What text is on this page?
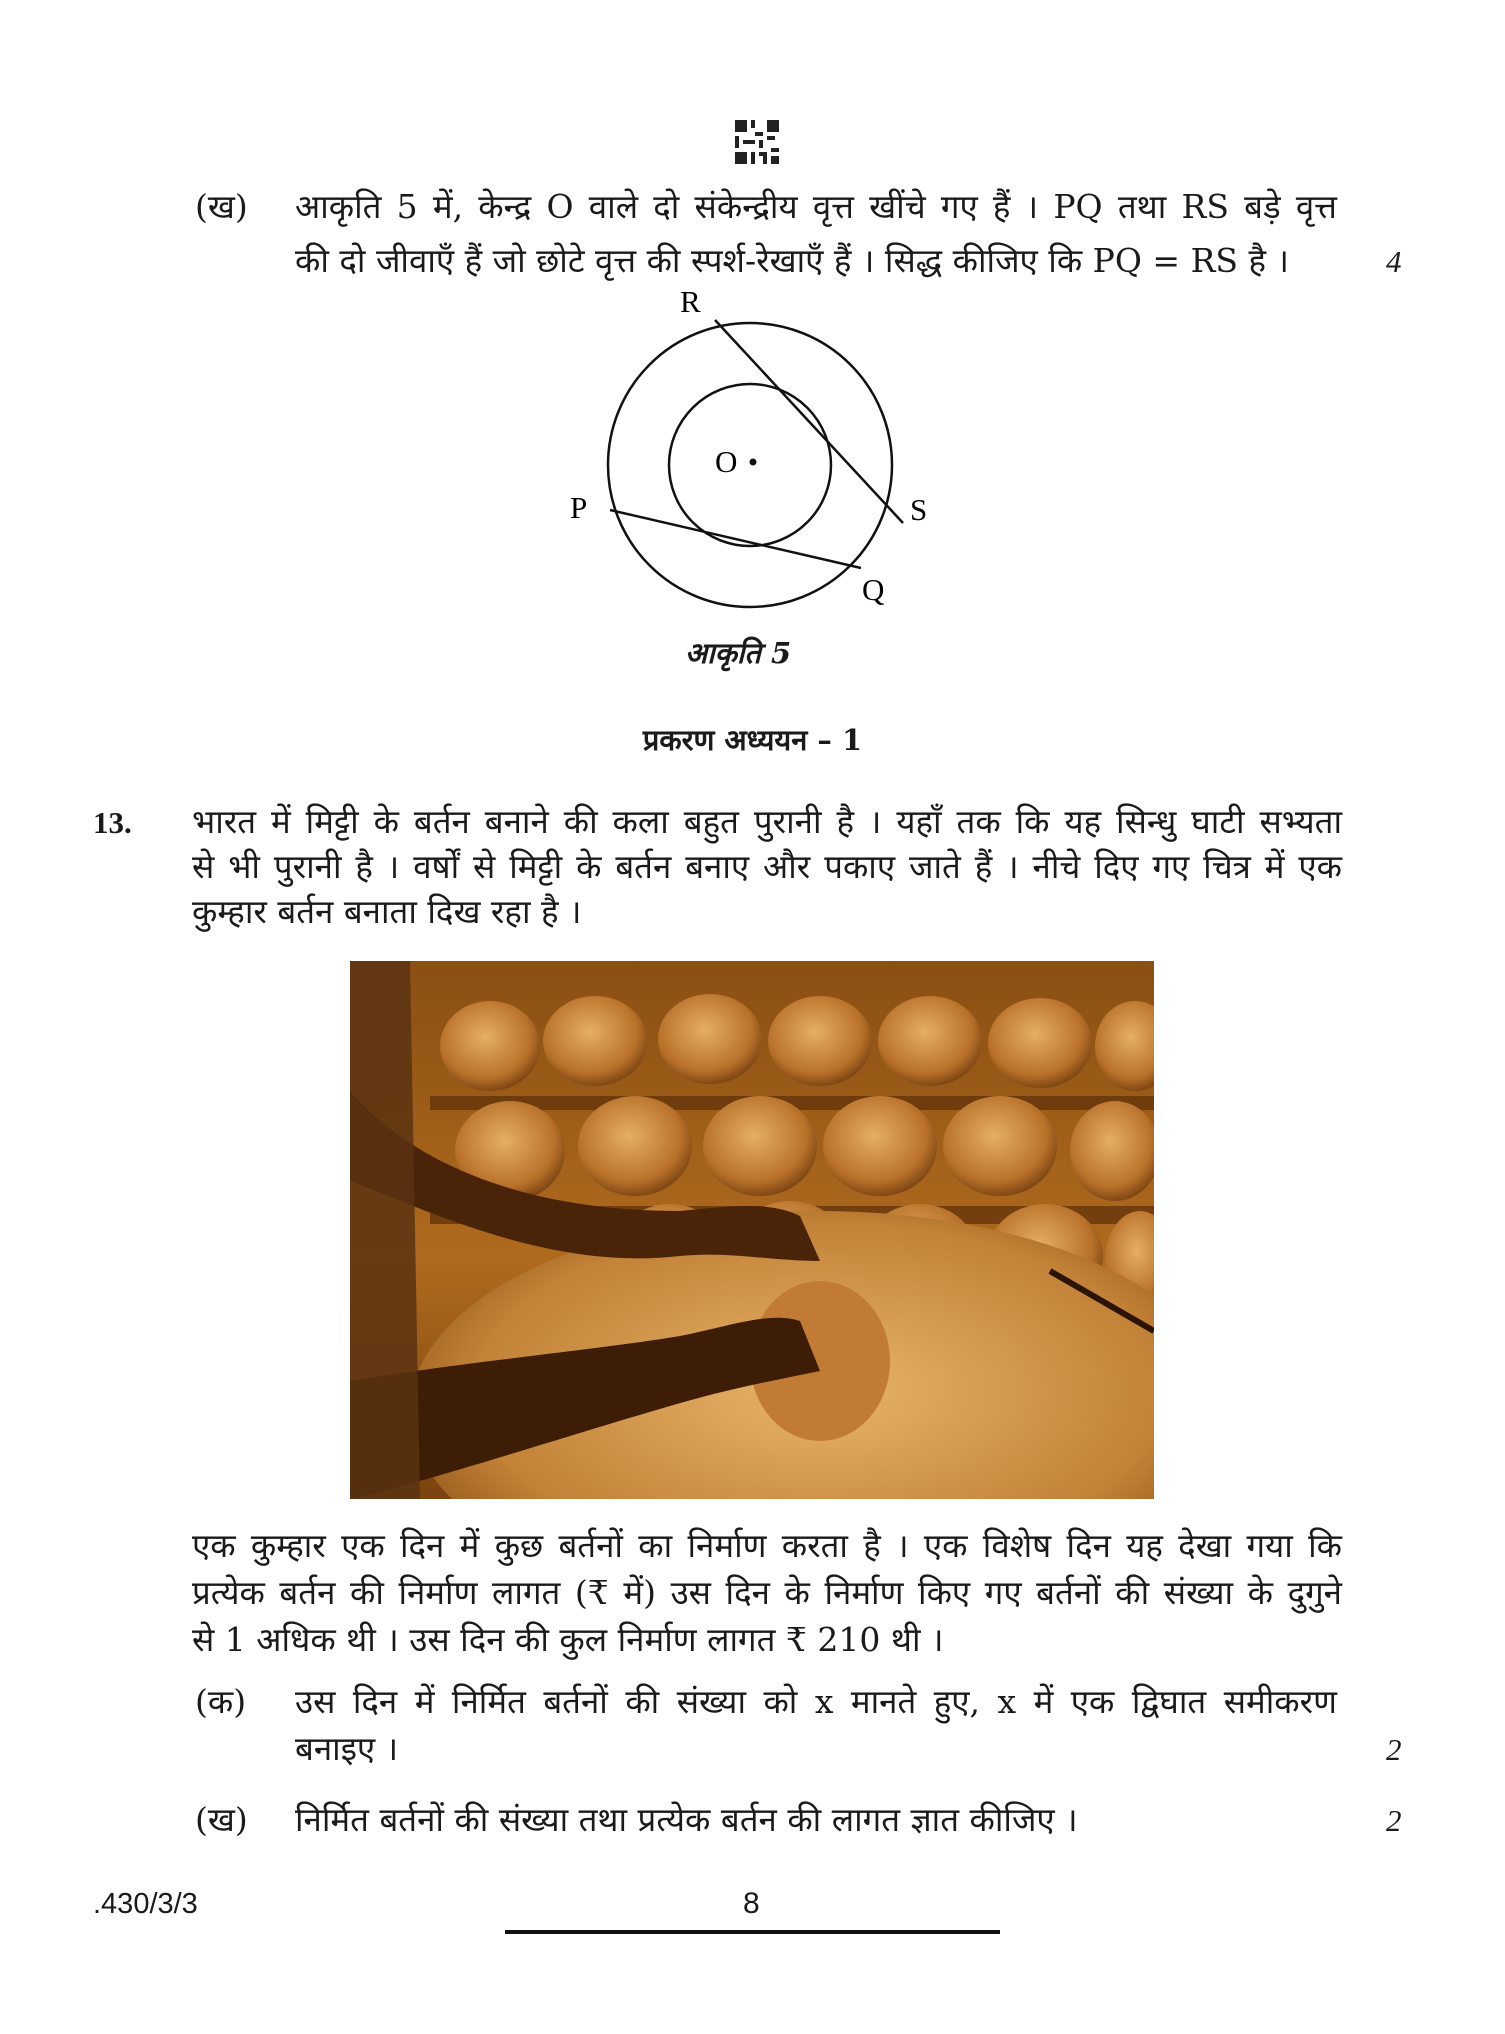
(ख) आकृति 5 में, केन्द्र O वाले दो संकेन्द्रीय वृत्त खींचे गए हैं । PQ तथा RS बड़े वृत्त
की दो जीवाएँ हैं जो छोटे वृत्त की स्पर्श-रेखाएँ हैं । सिद्ध कीजिए कि PQ = RS है ।	4
R
O
P	S
Q
आकृति 5
प्रकरण अध्ययन – 1
13. भारत में मिट्टी के बर्तन बनाने की कला बहुत पुरानी है । यहाँ तक कि यह सिन्धु घाटी सभ्यता
से भी पुरानी है । वर्षों से मिट्टी के बर्तन बनाए और पकाए जाते हैं । नीचे दिए गए चित्र में एक
कुम्हार बर्तन बनाता दिख रहा है ।
एक कुम्हार एक दिन में कुछ बर्तनों का निर्माण करता है । एक विशेष दिन यह देखा गया कि
प्रत्येक बर्तन की निर्माण लागत (₹ में) उस दिन के निर्माण किए गए बर्तनों की संख्या के दुगुने
से 1 अधिक थी । उस दिन की कुल निर्माण लागत ₹ 210 थी ।
(क) उस दिन में निर्मित बर्तनों की संख्या को x मानते हुए, x में एक द्विघात समीकरण
बनाइए ।	2
(ख) निर्मित बर्तनों की संख्या तथा प्रत्येक बर्तन की लागत ज्ञात कीजिए ।	2
.430/3/3	8
